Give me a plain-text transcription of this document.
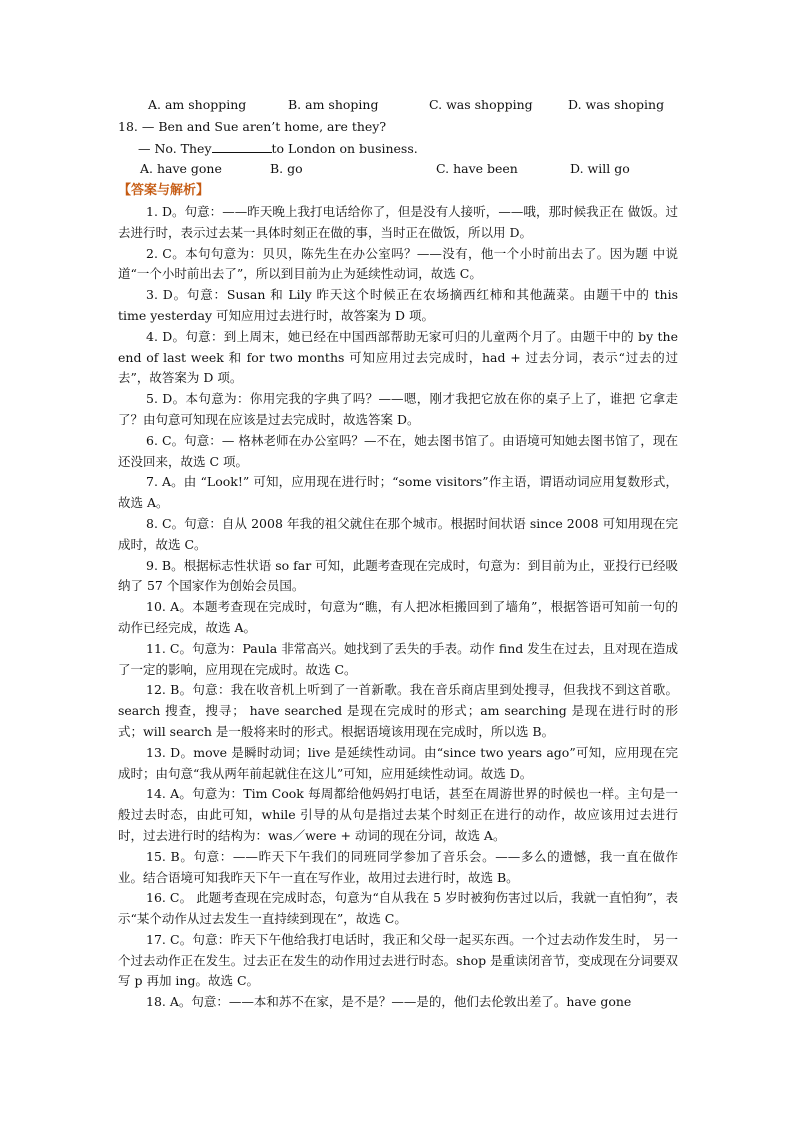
A. am shopping	B. am shoping	C. was shopping	D. was shoping
18. — Ben and Sue aren’t home, are they?
— No. They	to London on business.
A. have gone	B. go	C. have been	D. will go
【答案与解析】

1. D。句意：——昨天晚上我打电话给你了，但是没有人接听，——哦，那时候我正在 做饭。过去进行时，表示过去某一具体时刻正在做的事，当时正在做饭，所以用 D。

2. C。本句句意为：贝贝，陈先生在办公室吗？——没有，他一个小时前出去了。因为题 中说道“一个小时前出去了”，所以到目前为止为延续性动词，故选 C。

3. D。句意：Susan 和 Lily 昨天这个时候正在农场摘西红柿和其他蔬菜。由题干中的 this time yesterday 可知应用过去进行时，故答案为 D 项。

4. D。句意：到上周末，她已经在中国西部帮助无家可归的儿童两个月了。由题干中的 by the end of last week 和 for two months 可知应用过去完成时，had + 过去分词，表示“过去的过去”，故答案为 D 项。

5. D。本句意为：你用完我的字典了吗？——嗯，刚才我把它放在你的桌子上了，谁把 它拿走了？由句意可知现在应该是过去完成时，故选答案 D。

6. C。句意：— 格林老师在办公室吗？—不在，她去图书馆了。由语境可知她去图书馆了，现在还没回来，故选 C 项。

7. A。由 “Look!” 可知，应用现在进行时；“some visitors”作主语，谓语动词应用复数形式，故选 A。

8. C。句意：自从 2008 年我的祖父就住在那个城市。根据时间状语 since 2008 可知用现在完成时，故选 C。

9. B。根据标志性状语 so far 可知，此题考查现在完成时，句意为：到目前为止，亚投行已经吸纳了 57 个国家作为创始会员国。

10. A。本题考查现在完成时，句意为“瞧，有人把冰柜搬回到了墙角”，根据答语可知前一句的动作已经完成，故选 A。

11. C。句意为：Paula 非常高兴。她找到了丢失的手表。动作 find 发生在过去，且对现在造成了一定的影响，应用现在完成时。故选 C。

12. B。句意：我在收音机上听到了一首新歌。我在音乐商店里到处搜寻，但我找不到这首歌。search 搜查，搜寻； have searched 是现在完成时的形式；am searching 是现在进行时的形式；will search 是一般将来时的形式。根据语境该用现在完成时，所以选 B。

13. D。move 是瞬时动词；live 是延续性动词。由“since two years ago”可知，应用现在完成时；由句意“我从两年前起就住在这儿”可知，应用延续性动词。故选 D。

14. A。句意为：Tim Cook 每周都给他妈妈打电话，甚至在周游世界的时候也一样。主句是一般过去时态，由此可知，while 引导的从句是指过去某个时刻正在进行的动作，故应该用过去进行时，过去进行时的结构为：was／were + 动词的现在分词，故选 A。

15. B。句意：——昨天下午我们的同班同学参加了音乐会。——多么的遗憾，我一直在做作业。结合语境可知我昨天下午一直在写作业，故用过去进行时，故选 B。

16. C。 此题考查现在完成时态，句意为“自从我在 5 岁时被狗伤害过以后，我就一直怕狗”，表示“某个动作从过去发生一直持续到现在”，故选 C。

17. C。句意：昨天下午他给我打电话时，我正和父母一起买东西。一个过去动作发生时， 另一个过去动作正在发生。过去正在发生的动作用过去进行时态。shop 是重读闭音节，变成现在分词要双写 p 再加 ing。故选 C。

18. A。句意：——本和苏不在家，是不是？——是的，他们去伦敦出差了。have gone
